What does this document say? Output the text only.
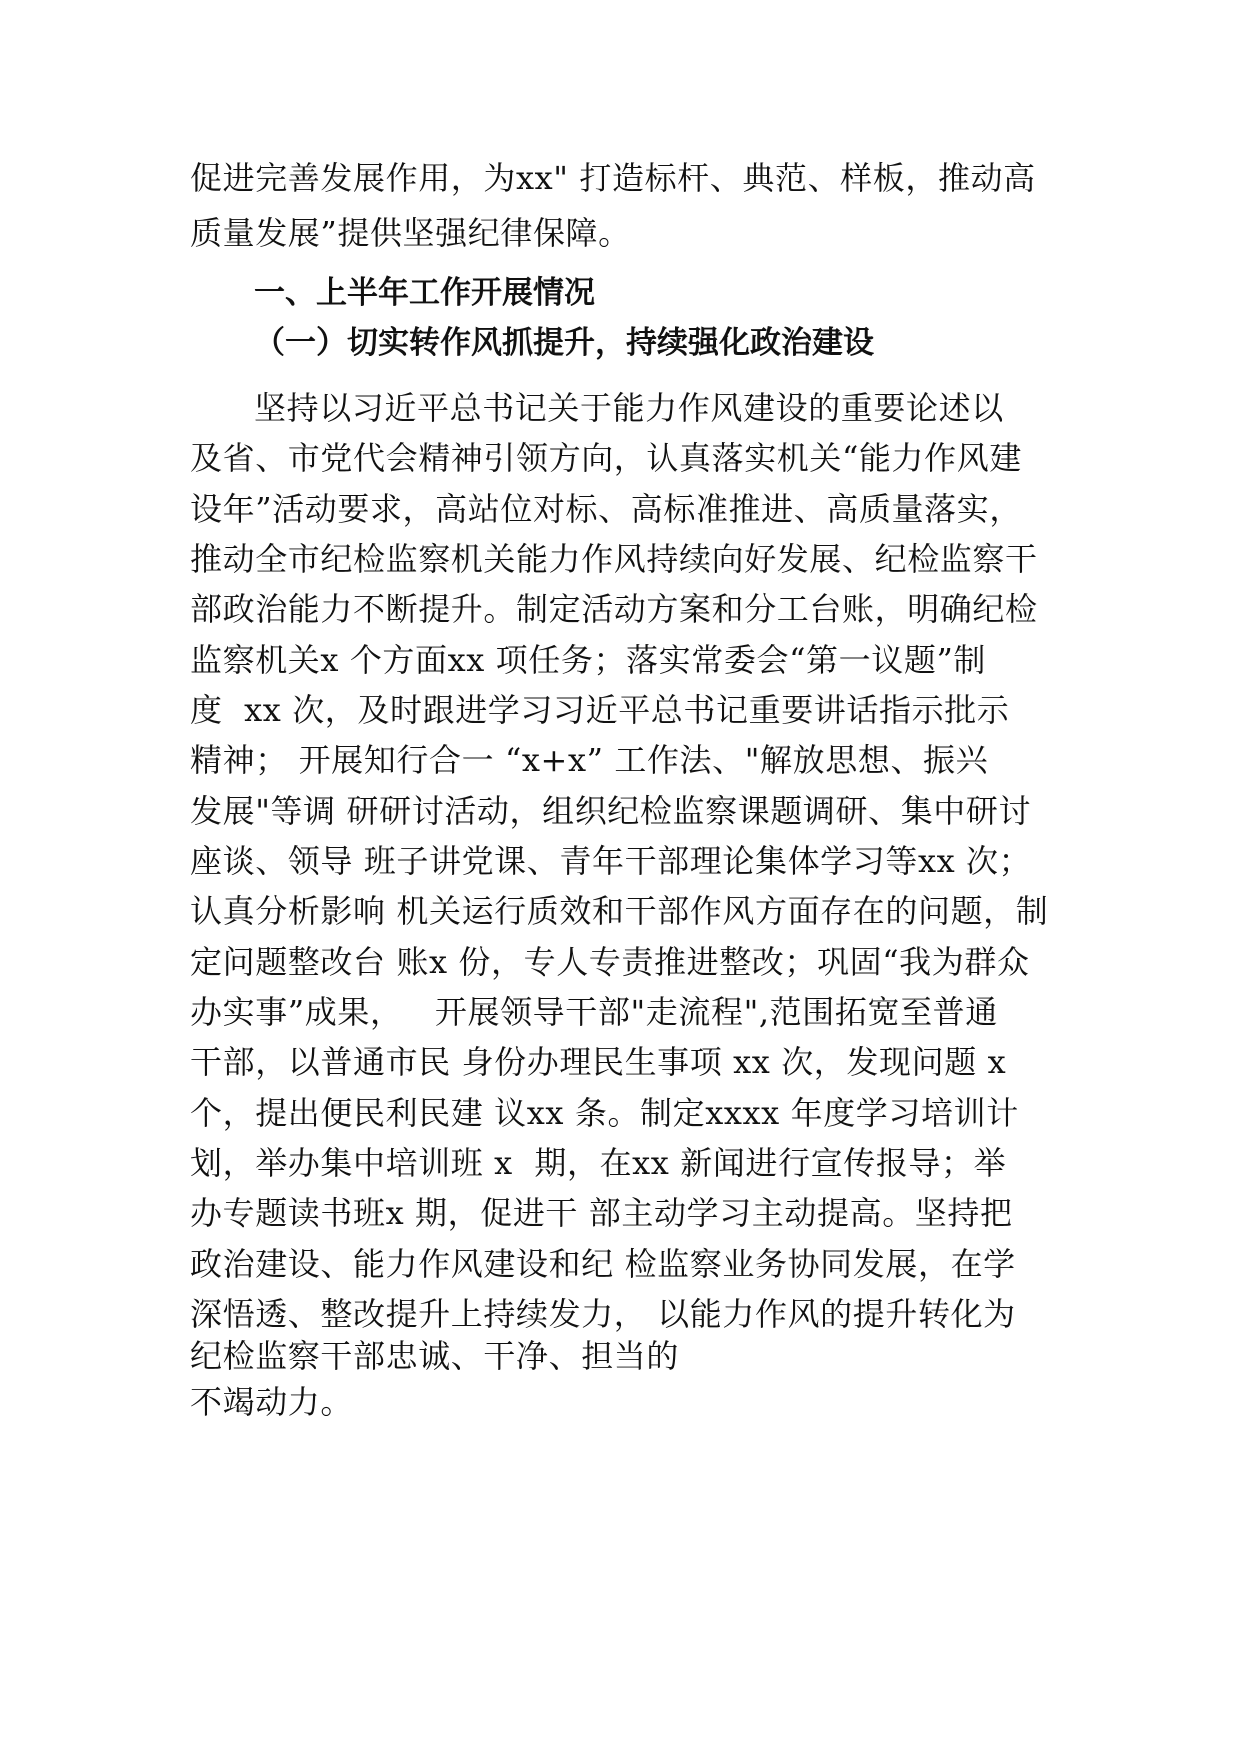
促进完善发展作用，为xx" 打造标杆、典范、样板，推动高

质量发展”提供坚强纪律保障。

一、上半年工作开展情况
（一）切实转作风抓提升，持续强化政治建设

坚持以习近平总书记关于能力作风建设的重要论述以

及省、市党代会精神引领方向，认真落实机关“能力作风建

设年”活动要求，高站位对标、高标准推进、高质量落实，

推动全市纪检监察机关能力作风持续向好发展、纪检监察干

部政治能力不断提升。制定活动方案和分工台账，明确纪检

监察机关x 个方面xx 项任务；落实常委会“第一议题”制

度  xx 次，及时跟进学习习近平总书记重要讲话指示批示

精神； 开展知行合一 “x+x” 工作法、"解放思想、振兴

发展"等调 研研讨活动，组织纪检监察课题调研、集中研讨

座谈、领导 班子讲党课、青年干部理论集体学习等xx 次；

认真分析影响 机关运行质效和干部作风方面存在的问题，制

定问题整改台 账x 份，专人专责推进整改；巩固“我为群众

办实事”成果，   开展领导干部"走流程",范围拓宽至普通

干部，以普通市民 身份办理民生事项 xx 次，发现问题 x

个，提出便民利民建 议xx 条。制定xxxx 年度学习培训计

划，举办集中培训班 x  期，在xx 新闻进行宣传报导；举

办专题读书班x 期，促进干 部主动学习主动提高。坚持把

政治建设、能力作风建设和纪 检监察业务协同发展，在学

深悟透、整改提升上持续发力， 以能力作风的提升转化为

纪检监察干部忠诚、干净、担当的

不竭动力。
